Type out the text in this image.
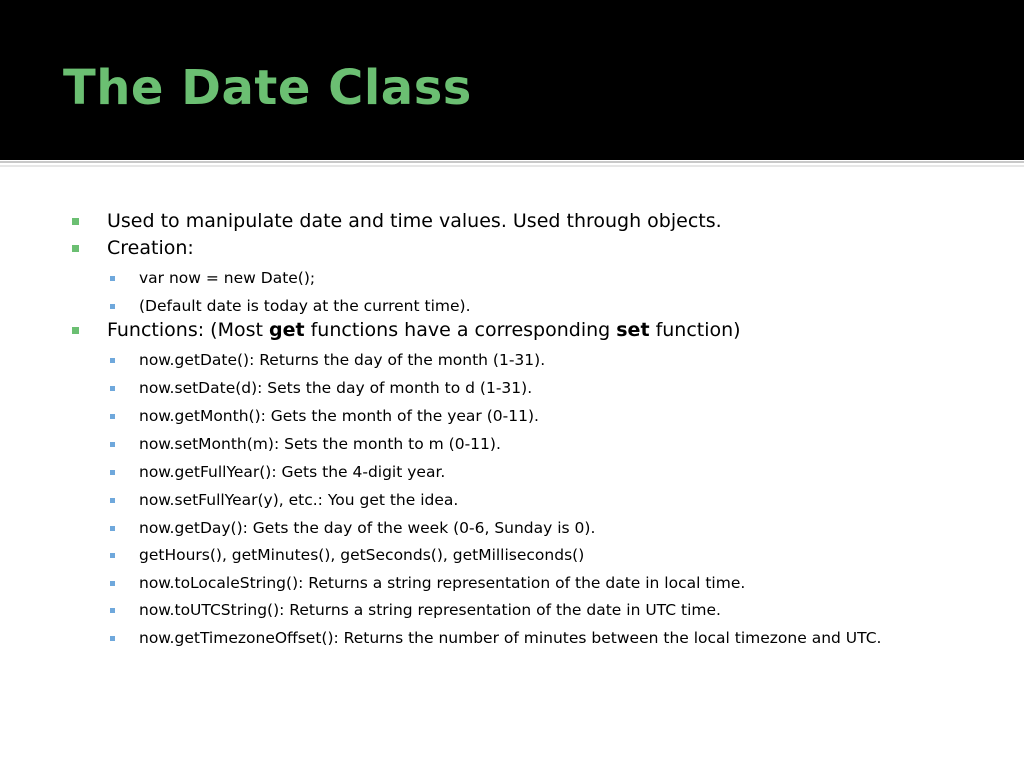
The Date Class
Used to manipulate date and time values. Used through objects.
Creation:
var now = new Date();
(Default date is today at the current time).
Functions: (Most get functions have a corresponding set function)
now.getDate(): Returns the day of the month (1-31).
now.setDate(d): Sets the day of month to d (1-31).
now.getMonth(): Gets the month of the year (0-11).
now.setMonth(m): Sets the month to m (0-11).
now.getFullYear(): Gets the 4-digit year.
now.setFullYear(y), etc.: You get the idea.
now.getDay(): Gets the day of the week (0-6, Sunday is 0).
getHours(), getMinutes(), getSeconds(), getMilliseconds()
now.toLocaleString(): Returns a string representation of the date in local time.
now.toUTCString(): Returns a string representation of the date in UTC time.
now.getTimezoneOffset(): Returns the number of minutes between the local timezone and UTC.
